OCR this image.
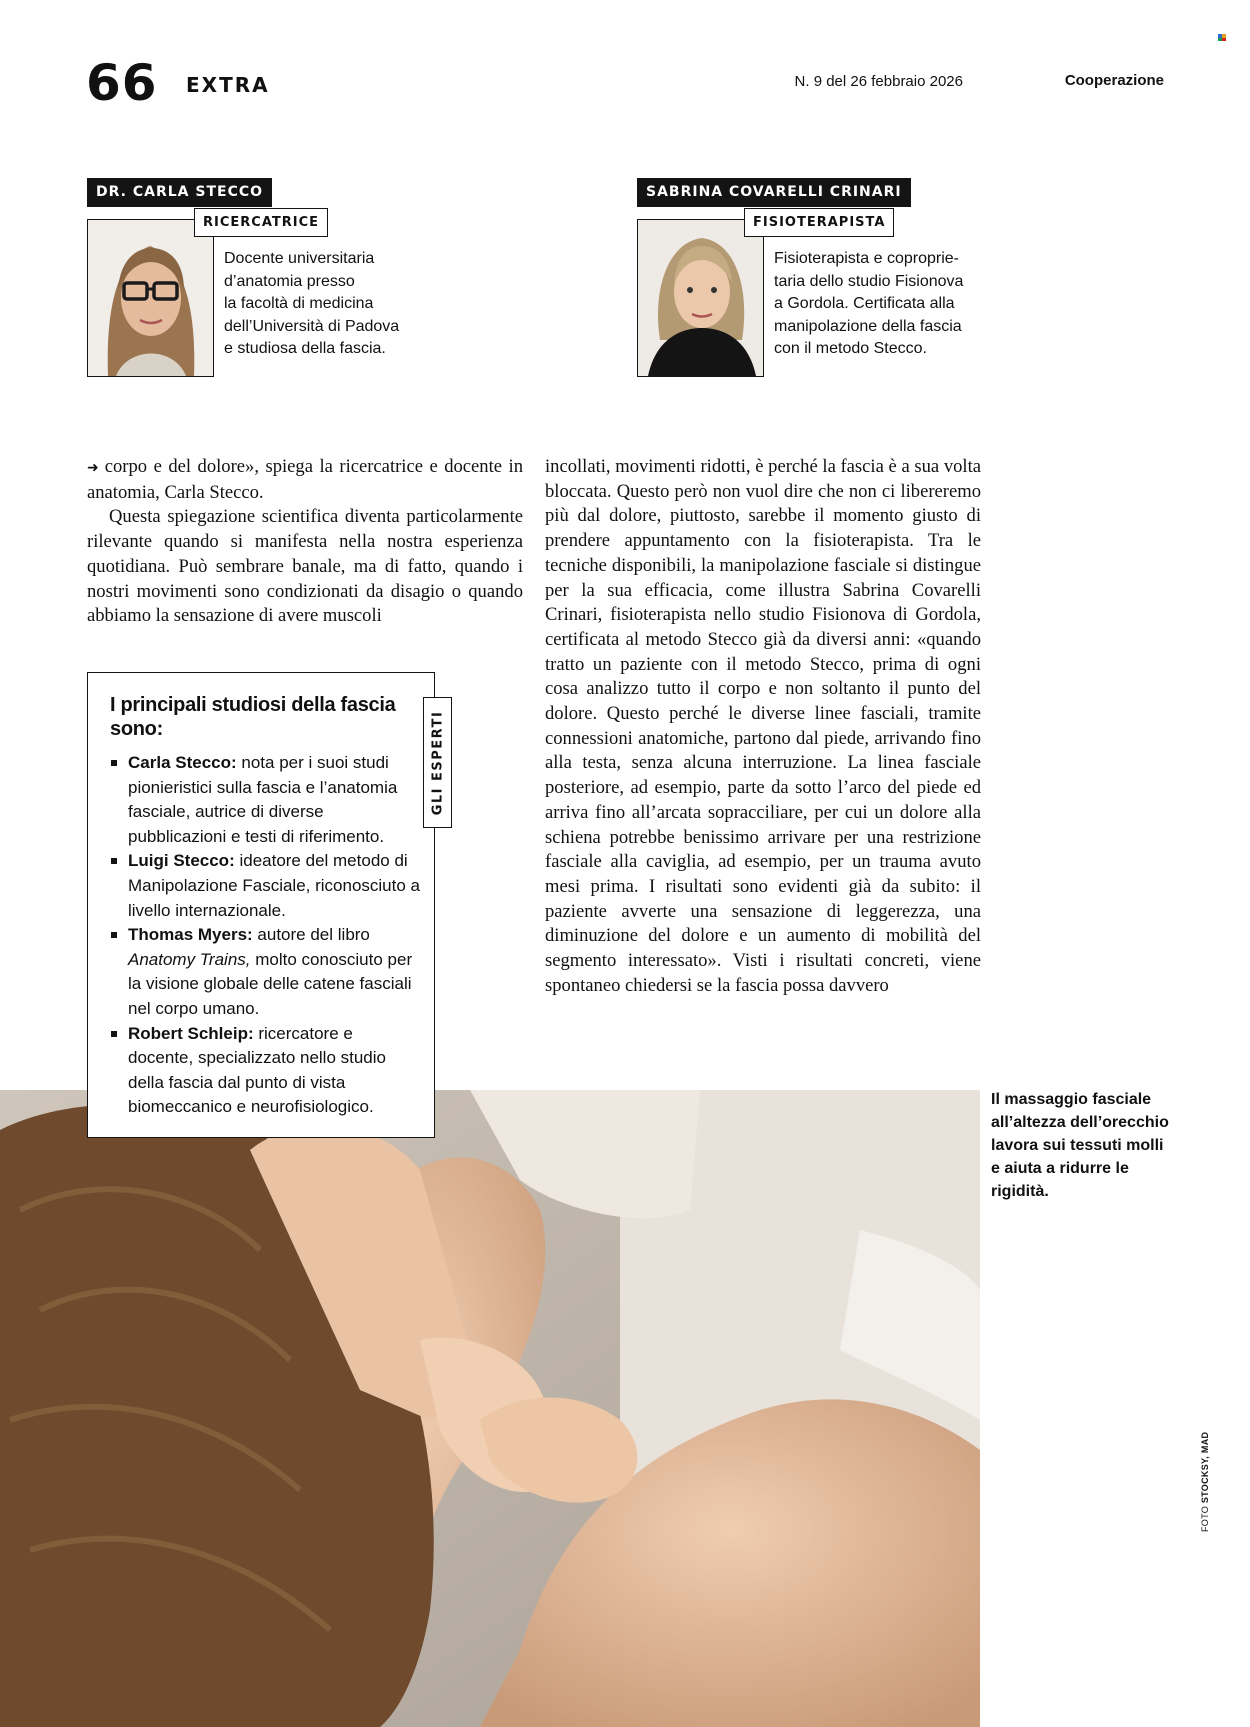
66 EXTRA	N. 9 del 26 febbraio 2026	Cooperazione
DR. CARLA STECCO
RICERCATRICE
Docente universitaria
d’anatomia presso
la facoltà di medicina
dell’Università di Padova
e studiosa della fascia.
SABRINA COVARELLI CRINARI
FISIOTERAPISTA
Fisioterapista e coproprie-
taria dello studio Fisionova
a Gordola. Certificata alla
manipolazione della fascia
con il metodo Stecco.

➜ corpo e del dolore», spiega la ricercatrice e docente in anatomia, Carla Stecco.

Questa spiegazione scientifica diventa particolarmente rilevante quando si manifesta nella nostra esperienza quotidiana. Può sembrare banale, ma di fatto, quando i nostri movimenti sono condizionati da disagio o quando abbiamo la sensazione di avere muscoli

incollati, movimenti ridotti, è perché la fascia è a sua volta bloccata. Questo però non vuol dire che non ci libereremo più dal dolore, piuttosto, sarebbe il momento giusto di prendere appuntamento con la fisioterapista. Tra le tecniche disponibili, la manipolazione fasciale si distingue per la sua efficacia, come illustra Sabrina Covarelli Crinari, fisioterapista nello studio Fisionova di Gordola, certificata al metodo Stecco già da diversi anni: «quando tratto un paziente con il metodo Stecco, prima di ogni cosa analizzo tutto il corpo e non soltanto il punto del dolore. Questo perché le diverse linee fasciali, tramite connessioni anatomiche, partono dal piede, arrivando fino alla testa, senza alcuna interruzione. La linea fasciale posteriore, ad esempio, parte da sotto l’arco del piede ed arriva fino all’arcata sopracciliare, per cui un dolore alla schiena potrebbe benissimo arrivare per una restrizione fasciale alla caviglia, ad esempio, per un trauma avuto mesi prima. I risultati sono evidenti già da subito: il paziente avverte una sensazione di leggerezza, una diminuzione del dolore e un aumento di mobilità del segmento interessato». Visti i risultati concreti, viene spontaneo chiedersi se la fascia possa davvero

I principali studiosi della fascia sono:
Carla Stecco: nota per i suoi studi pionieristici sulla fascia e l’anatomia fasciale, autrice di diverse pubblicazioni e testi di riferimento.
Luigi Stecco: ideatore del metodo di Manipolazione Fasciale, riconosciuto a livello internazionale.
Thomas Myers: autore del libro
Anatomy Trains, molto conosciuto per la visione globale delle catene fasciali nel corpo umano.
Robert Schleip: ricercatore e docente, specializzato nello studio della fascia dal punto di vista biomeccanico e neurofisiologico.
GLI ESPERTI
Il massaggio fasciale all’altezza dell’orecchio lavora sui tessuti molli e aiuta a ridurre le rigidità.
FOTO STOCKSY, MAD
